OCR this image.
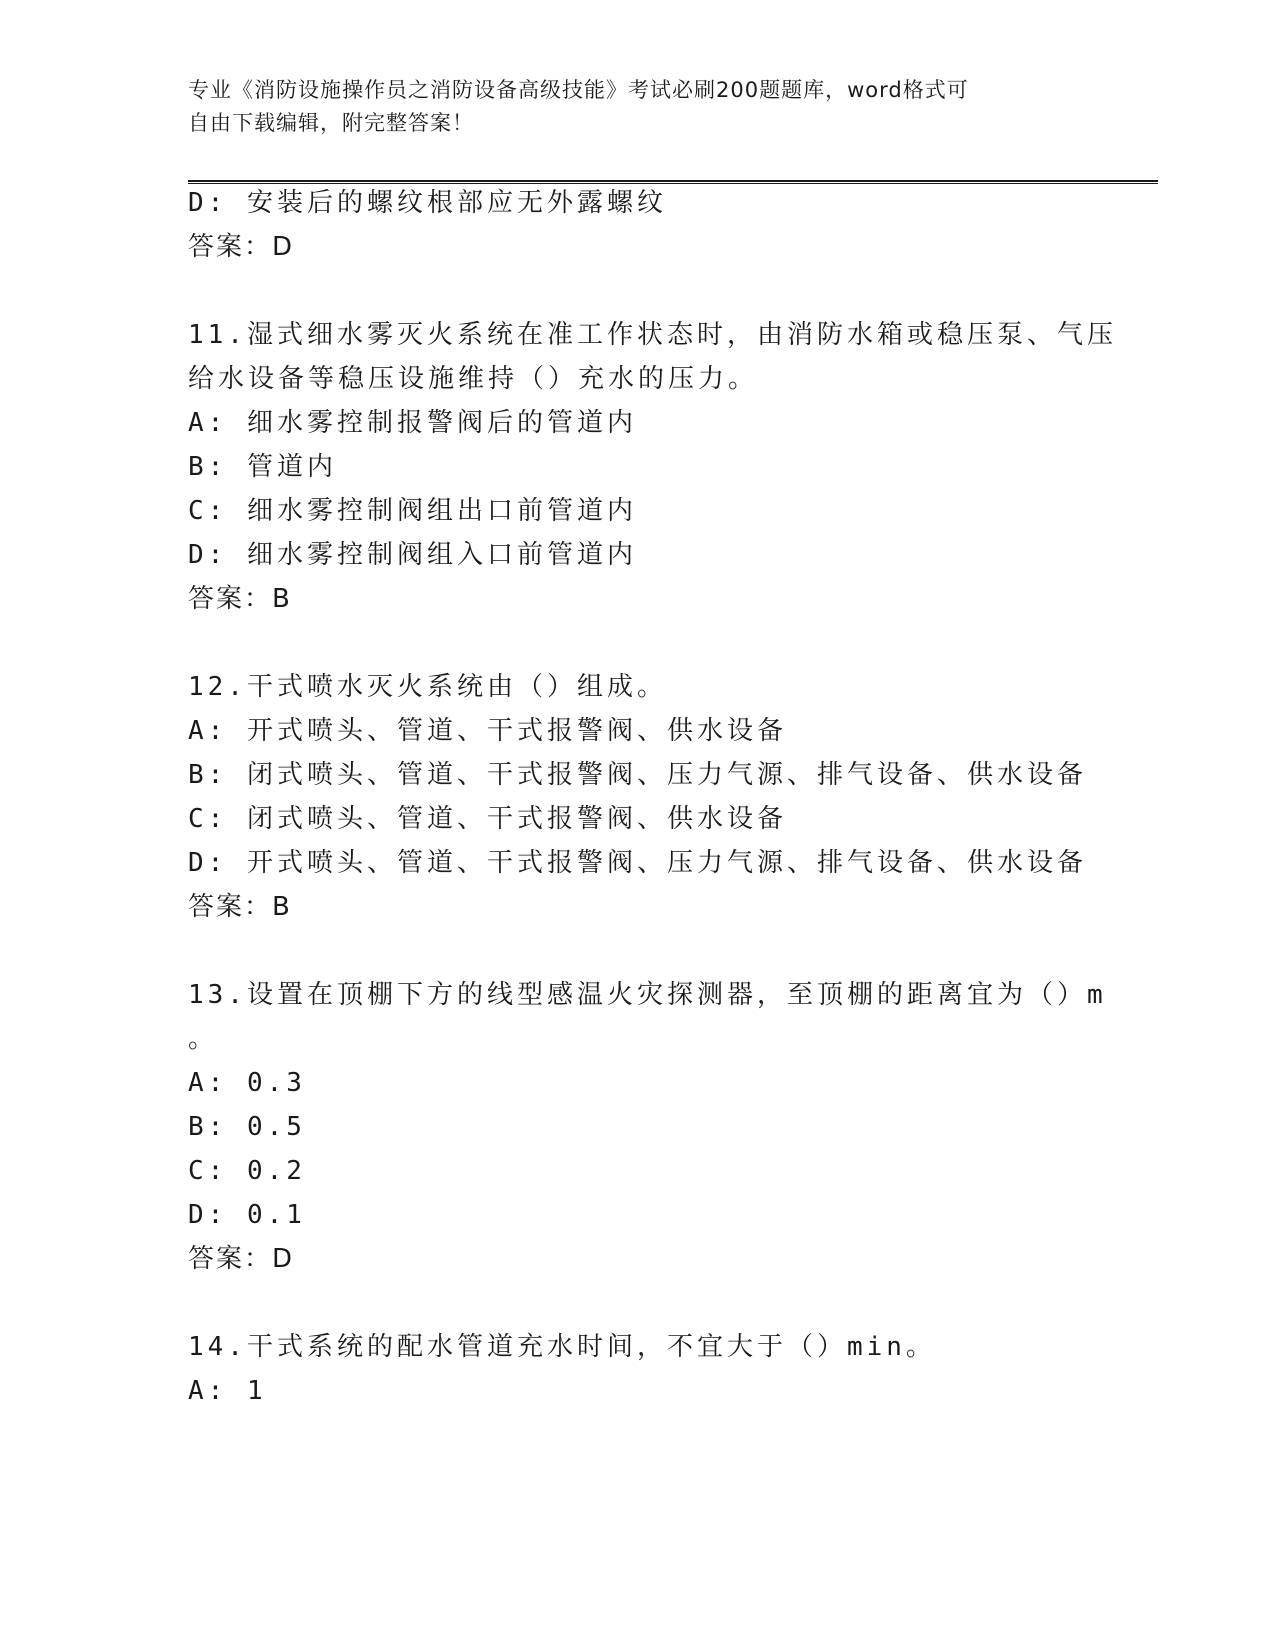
专业《消防设施操作员之消防设备高级技能》考试必刷200题题库，word格式可
自由下载编辑，附完整答案！
D: 安装后的螺纹根部应无外露螺纹
答案：D
11.湿式细水雾灭火系统在准工作状态时，由消防水箱或稳压泵、气压
给水设备等稳压设施维持（）充水的压力。
A: 细水雾控制报警阀后的管道内
B: 管道内
C: 细水雾控制阀组出口前管道内
D: 细水雾控制阀组入口前管道内
答案：B
12.干式喷水灭火系统由（）组成。
A: 开式喷头、管道、干式报警阀、供水设备
B: 闭式喷头、管道、干式报警阀、压力气源、排气设备、供水设备
C: 闭式喷头、管道、干式报警阀、供水设备
D: 开式喷头、管道、干式报警阀、压力气源、排气设备、供水设备
答案：B
13.设置在顶棚下方的线型感温火灾探测器，至顶棚的距离宜为（）m
。
A: 0.3
B: 0.5
C: 0.2
D: 0.1
答案：D
14.干式系统的配水管道充水时间，不宜大于（）min。
A: 1
